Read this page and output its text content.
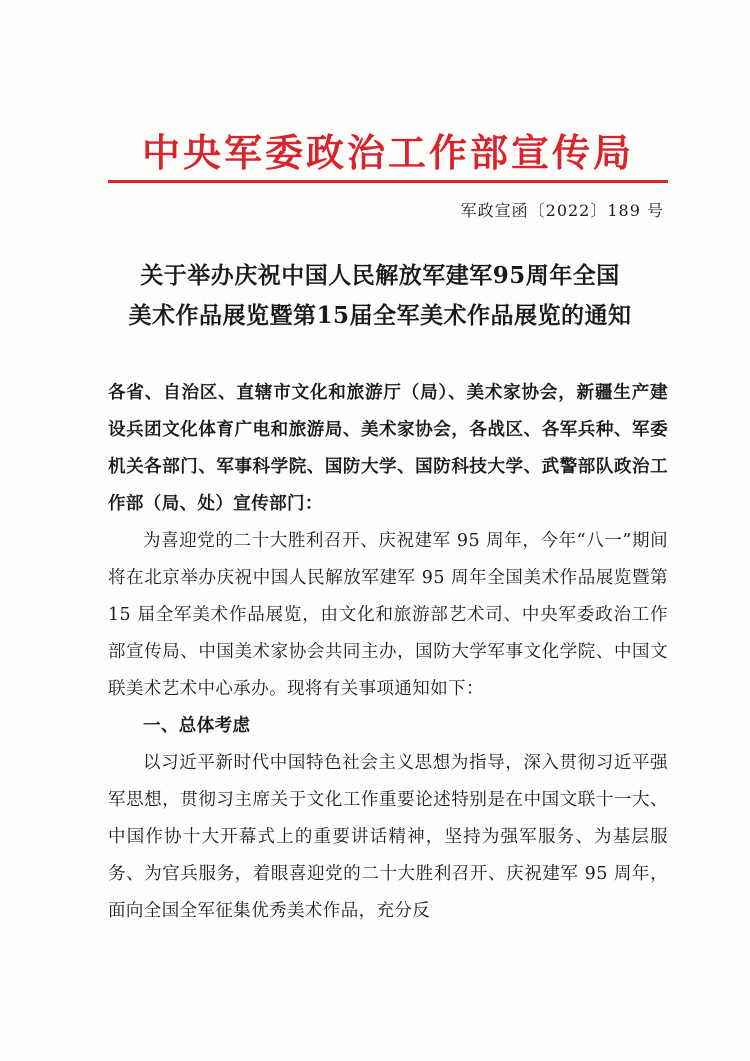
中央军委政治工作部宣传局
军政宣函〔2022〕189 号
关于举办庆祝中国人民解放军建军95周年全国
美术作品展览暨第15届全军美术作品展览的通知

各省、自治区、直辖市文化和旅游厅（局）、美术家协会，新疆生产建设兵团文化体育广电和旅游局、美术家协会，各战区、各军兵种、军委机关各部门、军事科学院、国防大学、国防科技大学、武警部队政治工作部（局、处）宣传部门：

为喜迎党的二十大胜利召开、庆祝建军 95 周年，今年“八一”期间将在北京举办庆祝中国人民解放军建军 95 周年全国美术作品展览暨第 15 届全军美术作品展览，由文化和旅游部艺术司、中央军委政治工作部宣传局、中国美术家协会共同主办，国防大学军事文化学院、中国文联美术艺术中心承办。现将有关事项通知如下：

一、总体考虑

以习近平新时代中国特色社会主义思想为指导，深入贯彻习近平强军思想，贯彻习主席关于文化工作重要论述特别是在中国文联十一大、中国作协十大开幕式上的重要讲话精神，坚持为强军服务、为基层服务、为官兵服务，着眼喜迎党的二十大胜利召开、庆祝建军 95 周年，面向全国全军征集优秀美术作品，充分反
